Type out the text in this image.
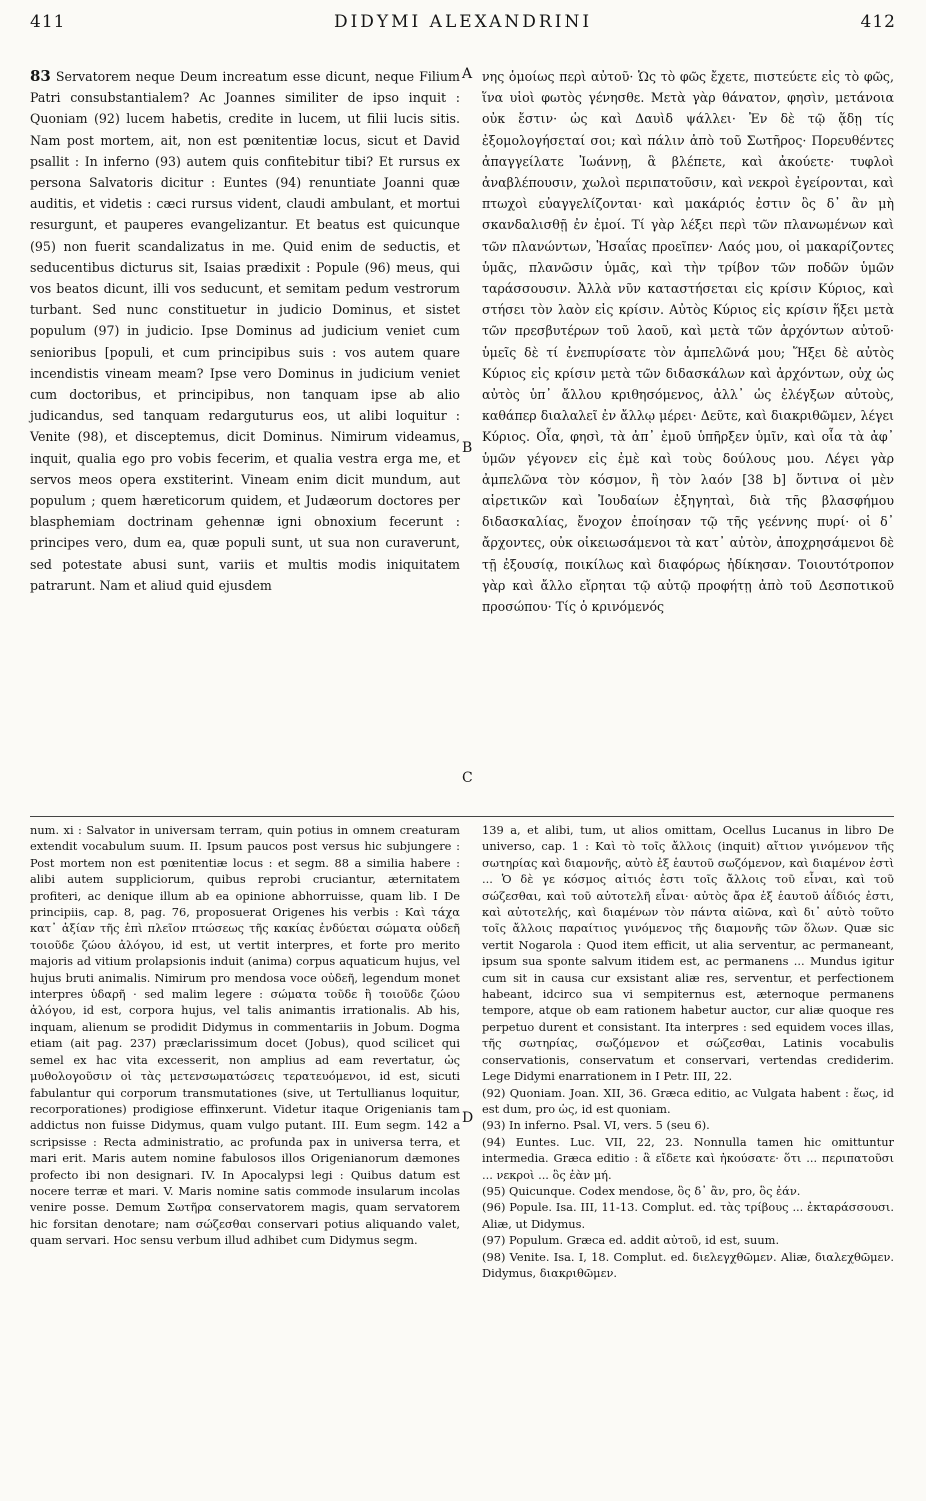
411	DIDYMI ALEXANDRINI	412
A
B
C
D

83 Servatorem neque Deum increatum esse dicunt, neque Filium Patri consubstantialem? Ac Joannes similiter de ipso inquit : Quoniam (92) lucem habetis, credite in lucem, ut filii lucis sitis. Nam post mortem, ait, non est pœnitentiæ locus, sicut et David psallit : In inferno (93) autem quis confitebitur tibi? Et rursus ex persona Salvatoris dicitur : Euntes (94) renuntiate Joanni quæ auditis, et videtis : cæci rursus vident, claudi ambulant, et mortui resurgunt, et pauperes evangelizantur. Et beatus est quicunque (95) non fuerit scandalizatus in me. Quid enim de seductis, et seducentibus dicturus sit, Isaias prædixit : Popule (96) meus, qui vos beatos dicunt, illi vos seducunt, et semitam pedum vestrorum turbant. Sed nunc constituetur in judicio Dominus, et sistet populum (97) in judicio. Ipse Dominus ad judicium veniet cum senioribus [populi, et cum principibus suis : vos autem quare incendistis vineam meam? Ipse vero Dominus in judicium veniet cum doctoribus, et principibus, non tanquam ipse ab alio judicandus, sed tanquam redarguturus eos, ut alibi loquitur : Venite (98), et disceptemus, dicit Dominus. Nimirum videamus, inquit, qualia ego pro vobis fecerim, et qualia vestra erga me, et servos meos opera exstiterint. Vineam enim dicit mundum, aut populum ; quem hæreticorum quidem, et Judæorum doctores per blasphemiam doctrinam gehennæ igni obnoxium fecerunt : principes vero, dum ea, quæ populi sunt, ut sua non curaverunt, sed potestate abusi sunt, variis et multis modis iniquitatem patrarunt. Nam et aliud quid ejusdem

νης ὁμοίως περὶ αὐτοῦ· Ὡς τὸ φῶς ἔχετε, πιστεύετε εἰς τὸ φῶς, ἵνα υἱοὶ φωτὸς γένησθε. Μετὰ γὰρ θάνατον, φησὶν, μετάνοια οὐκ ἔστιν· ὡς καὶ Δαυὶδ ψάλλει· Ἐν δὲ τῷ ᾅδῃ τίς ἐξομολογήσεταί σοι; καὶ πάλιν ἀπὸ τοῦ Σωτῆρος· Πορευθέντες ἀπαγγείλατε Ἰωάννῃ, ἃ βλέπετε, καὶ ἀκούετε· τυφλοὶ ἀναβλέπουσιν, χωλοὶ περιπατοῦσιν, καὶ νεκροὶ ἐγείρονται, καὶ πτωχοὶ εὐαγγελίζονται· καὶ μακάριός ἐστιν ὃς δ᾿ ἂν μὴ σκανδαλισθῇ ἐν ἐμοί. Τί γὰρ λέξει περὶ τῶν πλανωμένων καὶ τῶν πλανώντων, Ἡσαΐας προεῖπεν· Λαός μου, οἱ μακαρίζοντες ὑμᾶς, πλανῶσιν ὑμᾶς, καὶ τὴν τρίβον τῶν ποδῶν ὑμῶν ταράσσουσιν. Ἀλλὰ νῦν καταστήσεται εἰς κρίσιν Κύριος, καὶ στήσει τὸν λαὸν εἰς κρίσιν. Αὐτὸς Κύριος εἰς κρίσιν ἥξει μετὰ τῶν πρεσβυτέρων τοῦ λαοῦ, καὶ μετὰ τῶν ἀρχόντων αὐτοῦ· ὑμεῖς δὲ τί ἐνεπυρίσατε τὸν ἀμπελῶνά μου; Ἥξει δὲ αὐτὸς Κύριος εἰς κρίσιν μετὰ τῶν διδασκάλων καὶ ἀρχόντων, οὐχ ὡς αὐτὸς ὑπ᾿ ἄλλου κριθησόμενος, ἀλλ᾿ ὡς ἐλέγξων αὐτοὺς, καθάπερ διαλαλεῖ ἐν ἄλλῳ μέρει· Δεῦτε, καὶ διακριθῶμεν, λέγει Κύριος. Οἷα, φησὶ, τὰ ἀπ᾿ ἐμοῦ ὑπῆρξεν ὑμῖν, καὶ οἷα τὰ ἀφ᾿ ὑμῶν γέγονεν εἰς ἐμὲ καὶ τοὺς δούλους μου. Λέγει γὰρ ἀμπελῶνα τὸν κόσμον, ἢ τὸν λαόν [38 b] ὅντινα οἱ μὲν αἱρετικῶν καὶ Ἰουδαίων ἐξηγηταὶ, διὰ τῆς βλασφήμου διδασκαλίας, ἔνοχον ἐποίησαν τῷ τῆς γεέννης πυρί· οἱ δ᾿ ἄρχοντες, οὐκ οἰκειωσάμενοι τὰ κατ᾿ αὐτὸν, ἀποχρησάμενοι δὲ τῇ ἐξουσίᾳ, ποικίλως καὶ διαφόρως ἠδίκησαν. Τοιουτότροπον γὰρ καὶ ἄλλο εἴρηται τῷ αὐτῷ προφήτῃ ἀπὸ τοῦ Δεσποτικοῦ προσώπου· Τίς ὁ κρινόμενός

num. xi : Salvator in universam terram, quin potius in omnem creaturam extendit vocabulum suum. II. Ipsum paucos post versus hic subjungere : Post mortem non est pœnitentiæ locus : et segm. 88 a similia habere : alibi autem suppliciorum, quibus reprobi cruciantur, æternitatem profiteri, ac denique illum ab ea opinione abhorruisse, quam lib. I De principiis, cap. 8, pag. 76, proposuerat Origenes his verbis : Καὶ τάχα κατ᾿ ἀξίαν τῆς ἐπὶ πλεῖον πτώσεως τῆς κακίας ἐνδύεται σώματα οὐδεῆ τοιοῦδε ζώου ἀλόγου, id est, ut vertit interpres, et forte pro merito majoris ad vitium prolapsionis induit (anima) corpus aquaticum hujus, vel hujus bruti animalis. Nimirum pro mendosa voce οὐδεῆ, legendum monet interpres ὑδαρῆ · sed malim legere : σώματα τοῦδε ἢ τοιοῦδε ζώου ἀλόγου, id est, corpora hujus, vel talis animantis irrationalis. Ab his, inquam, alienum se prodidit Didymus in commentariis in Jobum. Dogma etiam (ait pag. 237) præclarissimum docet (Jobus), quod scilicet qui semel ex hac vita excesserit, non amplius ad eam revertatur, ὡς μυθολογοῦσιν οἱ τὰς μετενσωματώσεις τερατευόμενοι, id est, sicuti fabulantur qui corporum transmutationes (sive, ut Tertullianus loquitur, recorporationes) prodigiose effinxerunt. Videtur itaque Origenianis tam addictus non fuisse Didymus, quam vulgo putant. III. Eum segm. 142 a scripsisse : Recta administratio, ac profunda pax in universa terra, et mari erit. Maris autem nomine fabulosos illos Origenianorum dæmones profecto ibi non designari. IV. In Apocalypsi legi : Quibus datum est nocere terræ et mari. V. Maris nomine satis commode insularum incolas venire posse. Demum Σωτῆρα conservatorem magis, quam servatorem hic forsitan denotare; nam σώζεσθαι conservari potius aliquando valet, quam servari. Hoc sensu verbum illud adhibet cum Didymus segm.

139 a, et alibi, tum, ut alios omittam, Ocellus Lucanus in libro De universo, cap. 1 : Καὶ τὸ τοῖς ἄλλοις (inquit) αἴτιον γινόμενον τῆς σωτηρίας καὶ διαμονῆς, αὐτὸ ἐξ ἑαυτοῦ σωζόμενον, καὶ διαμένον ἐστὶ ... Ὁ δὲ γε κόσμος αἰτιός ἐστι τοῖς ἄλλοις τοῦ εἶναι, καὶ τοῦ σώζεσθαι, καὶ τοῦ αὐτοτελῆ εἶναι· αὐτὸς ἄρα ἐξ ἑαυτοῦ ἀΐδιός ἐστι, καὶ αὐτοτελής, καὶ διαμένων τὸν πάντα αἰῶνα, καὶ δι᾿ αὐτὸ τοῦτο τοῖς ἄλλοις παραίτιος γινόμενος τῆς διαμονῆς τῶν ὅλων. Quæ sic vertit Nogarola : Quod item efficit, ut alia serventur, ac permaneant, ipsum sua sponte salvum itidem est, ac permanens ... Mundus igitur cum sit in causa cur exsistant aliæ res, serventur, et perfectionem habeant, idcirco sua vi sempiternus est, æternoque permanens tempore, atque ob eam rationem habetur auctor, cur aliæ quoque res perpetuo durent et consistant. Ita interpres : sed equidem voces illas, τῆς σωτηρίας, σωζόμενον et σώζεσθαι, Latinis vocabulis conservationis, conservatum et conservari, vertendas crediderim. Lege Didymi enarrationem in I Petr. III, 22.

(92) Quoniam. Joan. XII, 36. Græca editio, ac Vulgata habent : ἕως, id est dum, pro ὡς, id est quoniam.

(93) In inferno. Psal. VI, vers. 5 (seu 6).

(94) Euntes. Luc. VII, 22, 23. Nonnulla tamen hic omittuntur intermedia. Græca editio : ἃ εἴδετε καὶ ἠκούσατε· ὅτι ... περιπατοῦσι ... νεκροὶ ... ὃς ἐὰν μή.

(95) Quicunque. Codex mendose, ὃς δ᾿ ἂν, pro, ὃς ἐάν.

(96) Popule. Isa. III, 11-13. Complut. ed. τὰς τρίβους ... ἐκταράσσουσι. Aliæ, ut Didymus.

(97) Populum. Græca ed. addit αὐτοῦ, id est, suum.

(98) Venite. Isa. I, 18. Complut. ed. διελεγχθῶμεν. Aliæ, διαλεχθῶμεν. Didymus, διακριθῶμεν.
